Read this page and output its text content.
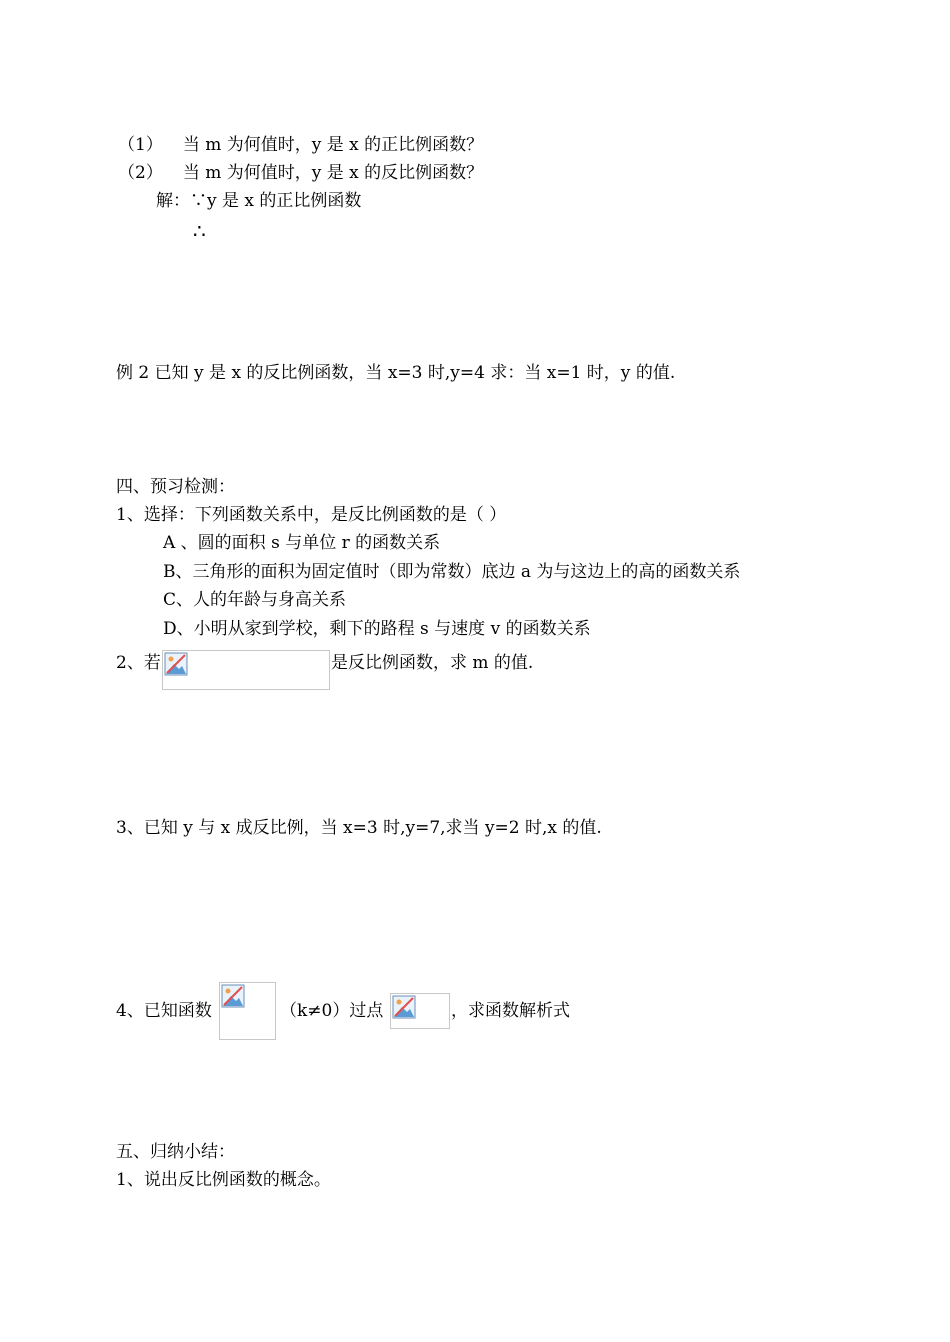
（1） 当 m 为何值时，y 是 x 的正比例函数？
（2） 当 m 为何值时，y 是 x 的反比例函数？
解：∵y 是 x 的正比例函数
∴
例 2 已知 y 是 x 的反比例函数，当 x=3 时,y=4 求：当 x=1 时，y 的值.
四、预习检测：
1、选择：下列函数关系中，是反比例函数的是（ ）
A 、圆的面积 s 与单位 r 的函数关系
B、三角形的面积为固定值时（即为常数）底边 a 为与这边上的高的函数关系
C、人的年龄与身高关系
D、小明从家到学校，剩下的路程 s 与速度 v 的函数关系
2、若	是反比例函数，求 m 的值.
3、已知 y 与 x 成反比例，当 x=3 时,y=7,求当 y=2 时,x 的值.
4、已知函数	（k≠0）过点	，求函数解析式
五、归纳小结：
1、说出反比例函数的概念。
